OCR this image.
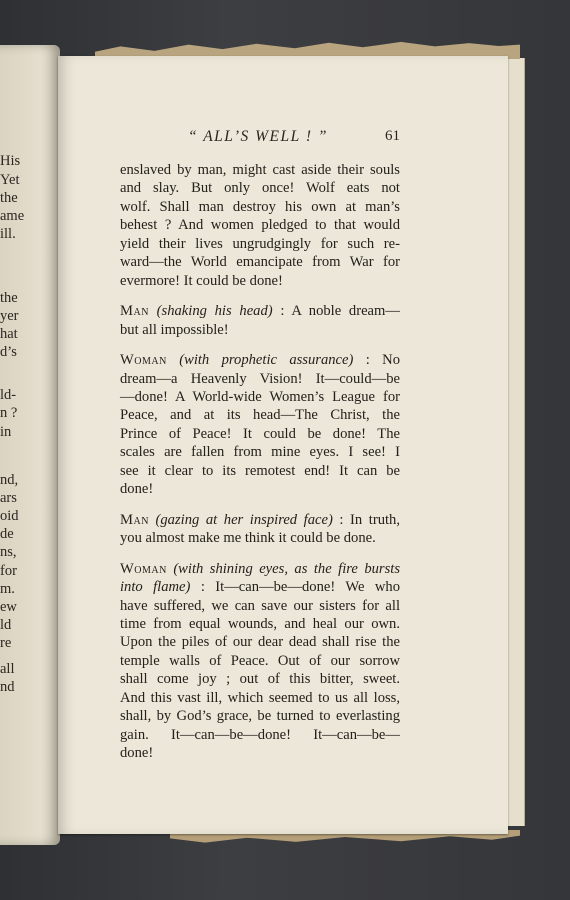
His
Yet
the
ame
ill.
the
yer
hat
d’s
ld-
n ?
in
nd,
ars
oid
de
ns,
for
m.
ew
ld
re
all
nd
“ ALL’S WELL ! ”	61

enslaved by man, might cast aside their souls
and slay. But only once! Wolf eats not
wolf. Shall man destroy his own at man’s
behest ? And women pledged to that would
yield their lives ungrudgingly for such re-
ward—the World emancipate from War for
evermore! It could be done!

Man (shaking his head) : A noble dream—
but all impossible!

Woman (with prophetic assurance) : No
dream—a Heavenly Vision! It—could—be
—done! A World-wide Women’s League for
Peace, and at its head—The Christ, the
Prince of Peace! It could be done! The
scales are fallen from mine eyes. I see! I
see it clear to its remotest end! It can be
done!

Man (gazing at her inspired face) : In truth,
you almost make me think it could be done.

Woman (with shining eyes, as the fire bursts
into flame) : It—can—be—done! We who
have suffered, we can save our sisters for all
time from equal wounds, and heal our own.
Upon the piles of our dear dead shall rise the
temple walls of Peace. Out of our sorrow
shall come joy ; out of this bitter, sweet.
And this vast ill, which seemed to us all loss,
shall, by God’s grace, be turned to everlasting
gain. It—can—be—done! It—can—be—
done!
